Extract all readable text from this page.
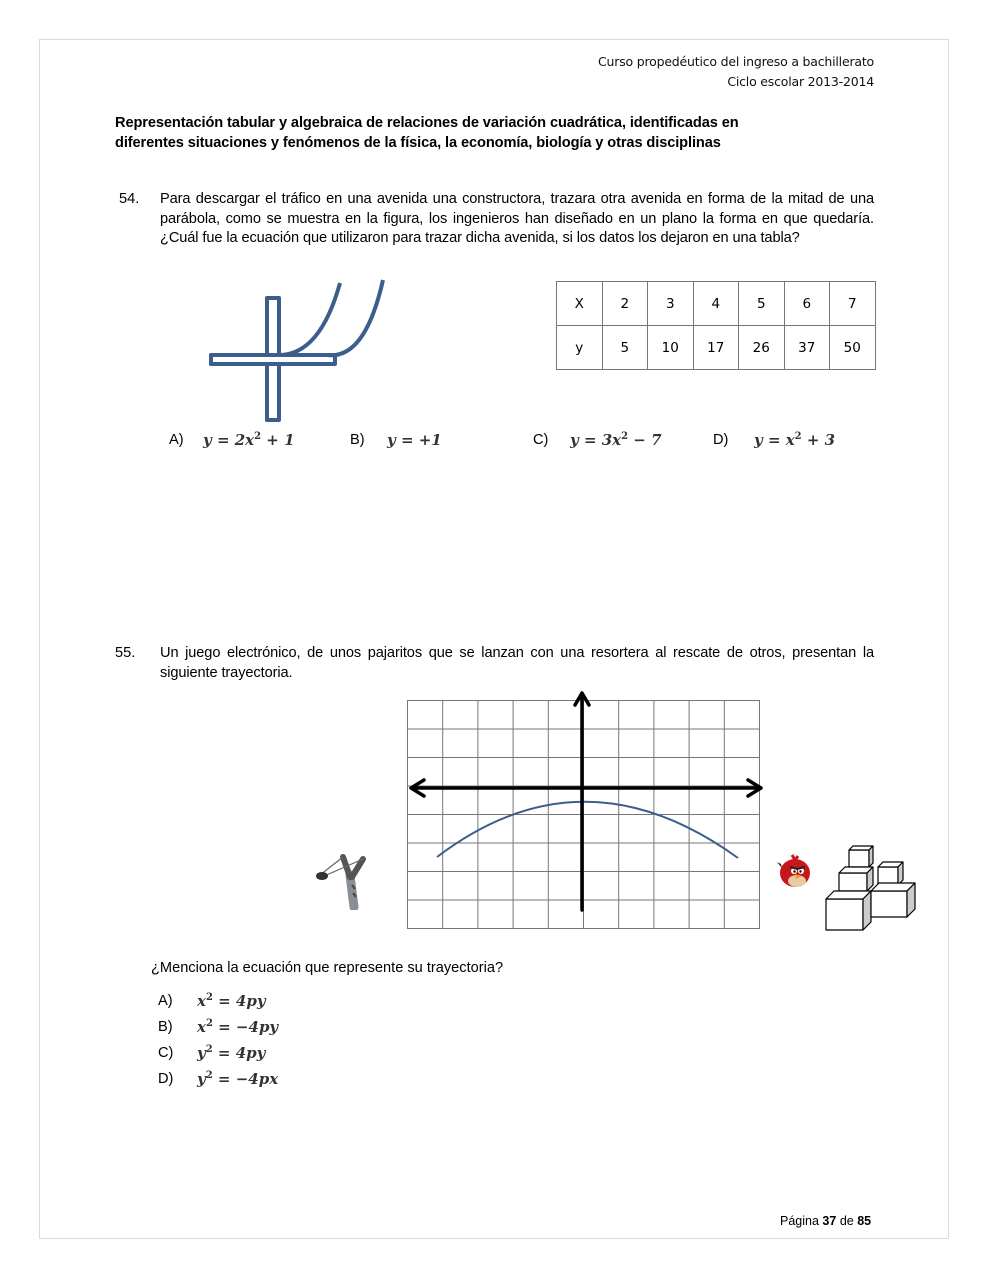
Curso propedéutico del ingreso a bachillerato
Ciclo escolar 2013-2014
Representación tabular y algebraica de relaciones de variación cuadrática, identificadas en
diferentes situaciones y fenómenos de la física, la economía, biología y otras disciplinas
54. Para descargar el tráfico en una avenida una constructora, trazara otra avenida en forma de la mitad de una parábola, como se muestra en la figura, los ingenieros han diseñado en un plano la forma en que quedaría. ¿Cuál fue la ecuación que utilizaron para trazar dicha avenida, si los datos los dejaron en una tabla?
X	2	3	4	5	6	7
y	5	10	17	26	37	50
A) $y = 2x^2 + 1$	B) y = +1	C) $y = 3x^2 - 7$	D) $y = x^2 + 3$
55. Un juego electrónico, de unos pajaritos que se lanzan con una resortera al rescate de otros, presentan la siguiente trayectoria.
¿Menciona la ecuación que represente su trayectoria?
A) $x^2 = 4py$
B) $x^2 = -4py$
C) $y^2 = 4py$
D) $y^2 = -4px$
Página 37 de 85
